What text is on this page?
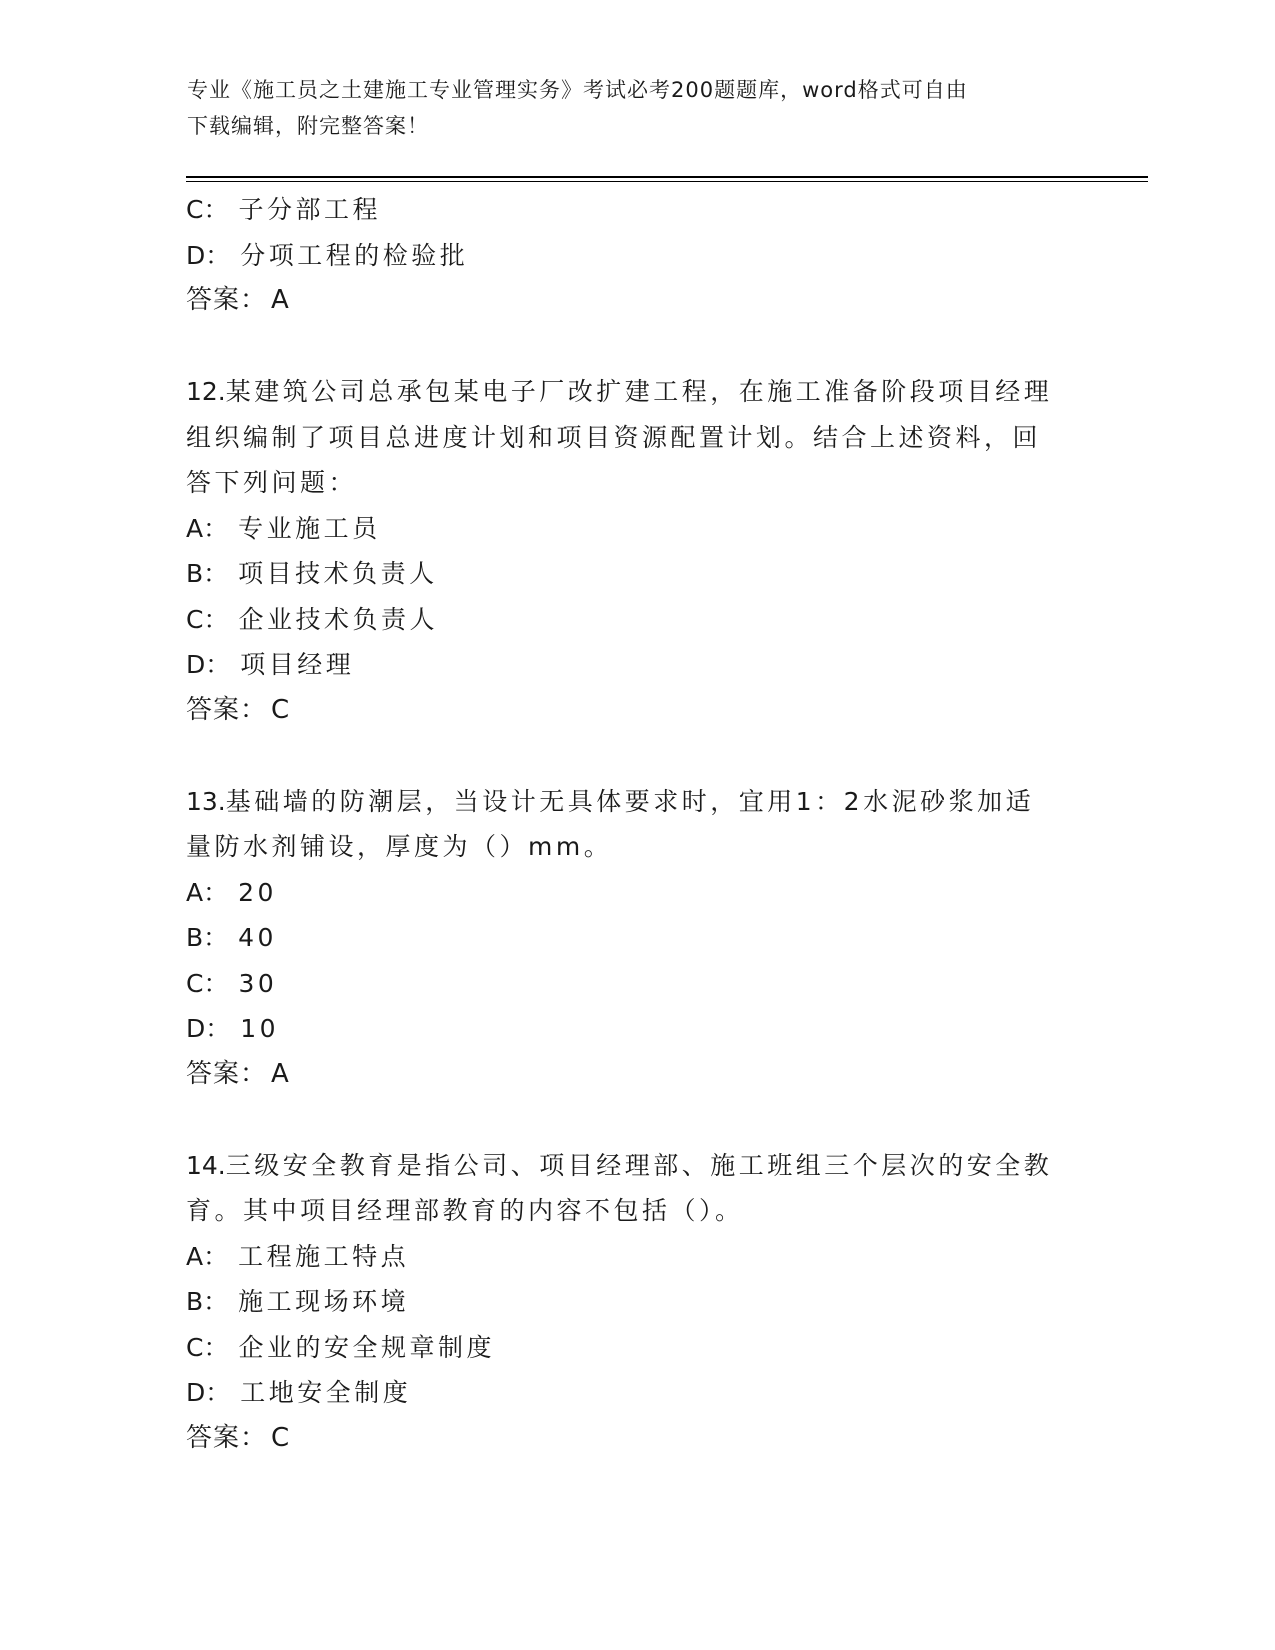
专业《施工员之土建施工专业管理实务》考试必考200题题库，word格式可自由
下载编辑，附完整答案！
C： 子分部工程
D： 分项工程的检验批
答案： A
12.某建筑公司总承包某电子厂改扩建工程，在施工准备阶段项目经理
组织编制了项目总进度计划和项目资源配置计划。结合上述资料，回
答下列问题：
A： 专业施工员
B： 项目技术负责人
C： 企业技术负责人
D： 项目经理
答案： C
13.基础墙的防潮层，当设计无具体要求时，宜用1：2水泥砂浆加适
量防水剂铺设，厚度为（）mm。
A： 20
B： 40
C： 30
D： 10
答案： A
14.三级安全教育是指公司、项目经理部、施工班组三个层次的安全教
育。其中项目经理部教育的内容不包括（）。
A： 工程施工特点
B： 施工现场环境
C： 企业的安全规章制度
D： 工地安全制度
答案： C
